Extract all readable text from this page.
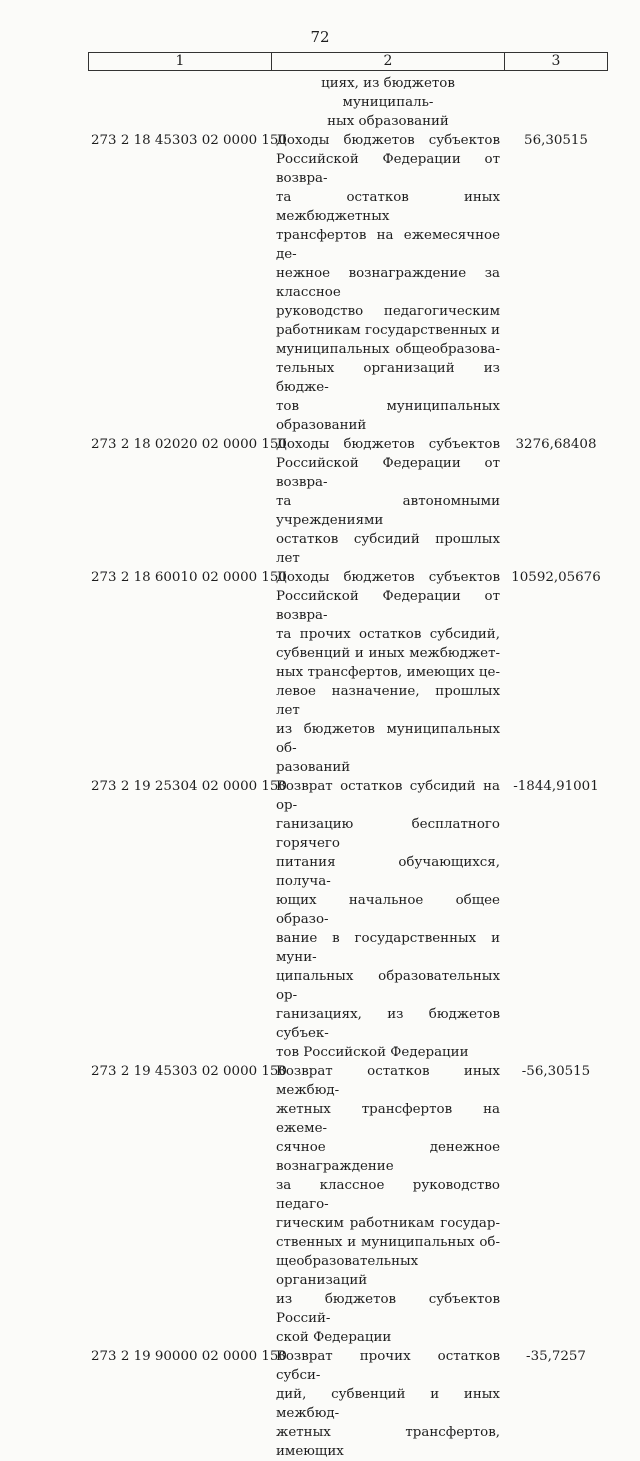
72
1	2	3
циях, из бюджетов муниципаль-
ных образований
273 2 18 45303 02 0000 150
Доходы бюджетов субъектов
Российской Федерации от возвра-
та остатков иных межбюджетных
трансфертов на ежемесячное де-
нежное вознаграждение за классное
руководство педагогическим
работникам государственных и
муниципальных общеобразова-
тельных организаций из бюдже-
тов муниципальных образований
56,30515
273 2 18 02020 02 0000 150
Доходы бюджетов субъектов
Российской Федерации от возвра-
та автономными учреждениями
остатков субсидий прошлых лет
3276,68408
273 2 18 60010 02 0000 150
Доходы бюджетов субъектов
Российской Федерации от возвра-
та прочих остатков субсидий,
субвенций и иных межбюджет-
ных трансфертов, имеющих це-
левое назначение, прошлых лет
из бюджетов муниципальных об-
разований
10592,05676
273 2 19 25304 02 0000 150
Возврат остатков субсидий на ор-
ганизацию бесплатного горячего
питания обучающихся, получа-
ющих начальное общее образо-
вание в государственных и муни-
ципальных образовательных ор-
ганизациях, из бюджетов субъек-
тов Российской Федерации
-1844,91001
273 2 19 45303 02 0000 150
Возврат остатков иных межбюд-
жетных трансфертов на ежеме-
сячное денежное вознаграждение
за классное руководство педаго-
гическим работникам государ-
ственных и муниципальных об-
щеобразовательных организаций
из бюджетов субъектов Россий-
ской Федерации
-56,30515
273 2 19 90000 02 0000 150
Возврат прочих остатков субси-
дий, субвенций и иных межбюд-
жетных трансфертов, имеющих
-35,7257
